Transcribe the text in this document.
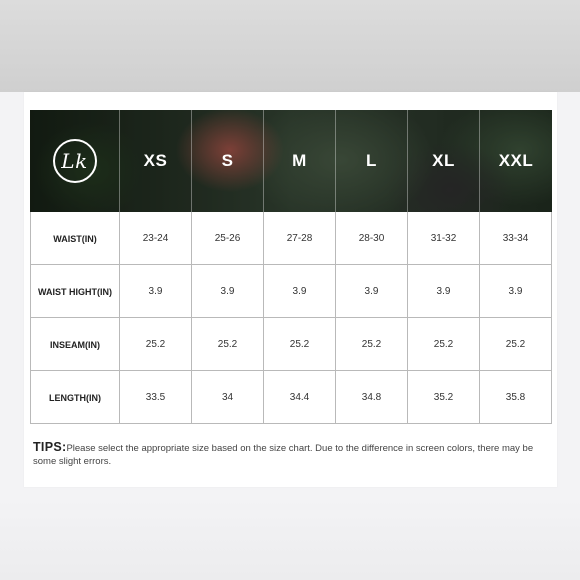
Lk	XS	S	M	L	XL	XXL
WAIST(IN)	23-24	25-26	27-28	28-30	31-32	33-34
WAIST HIGHT(IN)	3.9	3.9	3.9	3.9	3.9	3.9
INSEAM(IN)	25.2	25.2	25.2	25.2	25.2	25.2
LENGTH(IN)	33.5	34	34.4	34.8	35.2	35.8
TIPS:Please select the appropriate size based on the size chart. Due to the difference in screen colors, there may be some slight errors.
